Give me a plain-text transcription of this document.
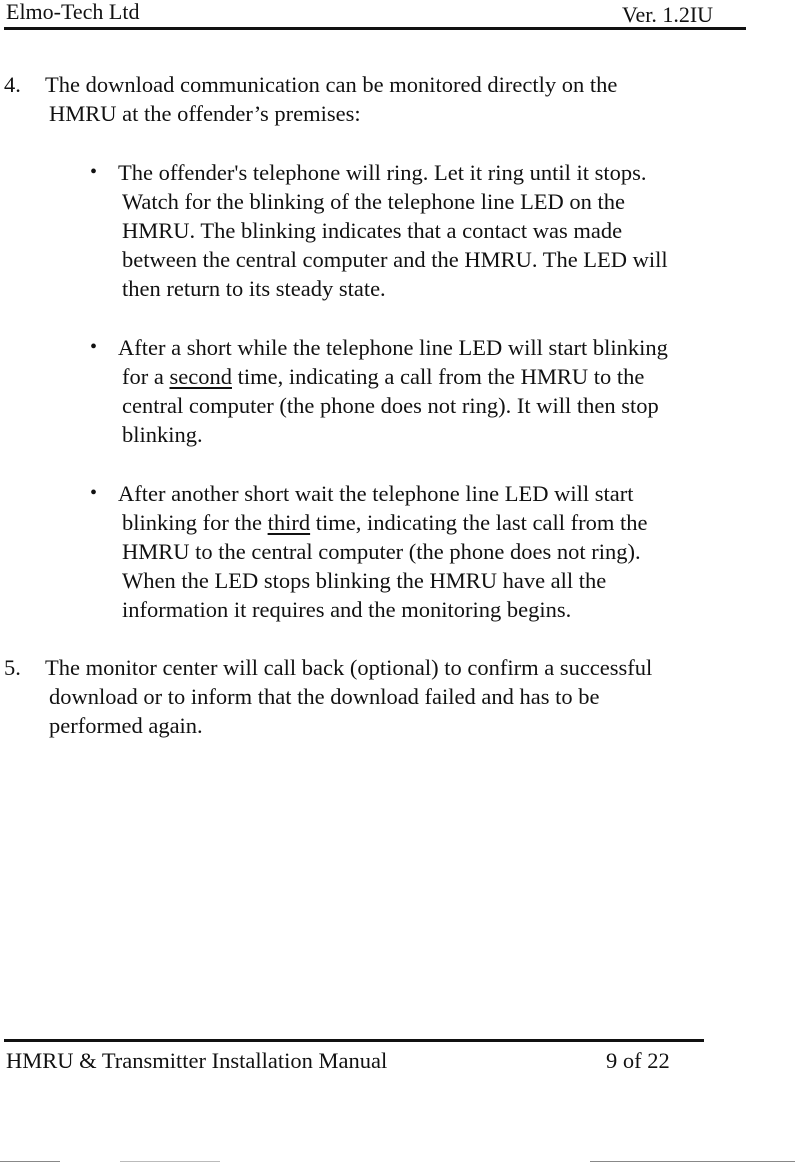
Elmo-Tech Ltd	Ver. 1.2IU
4. The download communication can be monitored directly on the
HMRU at the offender’s premises:
• The offender's telephone will ring. Let it ring until it stops.
Watch for the blinking of the telephone line LED on the
HMRU. The blinking indicates that a contact was made
between the central computer and the HMRU. The LED will
then return to its steady state.
• After a short while the telephone line LED will start blinking
for a second time, indicating a call from the HMRU to the
central computer (the phone does not ring). It will then stop
blinking.
• After another short wait the telephone line LED will start
blinking for the third time, indicating the last call from the
HMRU to the central computer (the phone does not ring).
When the LED stops blinking the HMRU have all the
information it requires and the monitoring begins.
5. The monitor center will call back (optional) to confirm a successful
download or to inform that the download failed and has to be
performed again.
HMRU & Transmitter Installation Manual	9 of 22
